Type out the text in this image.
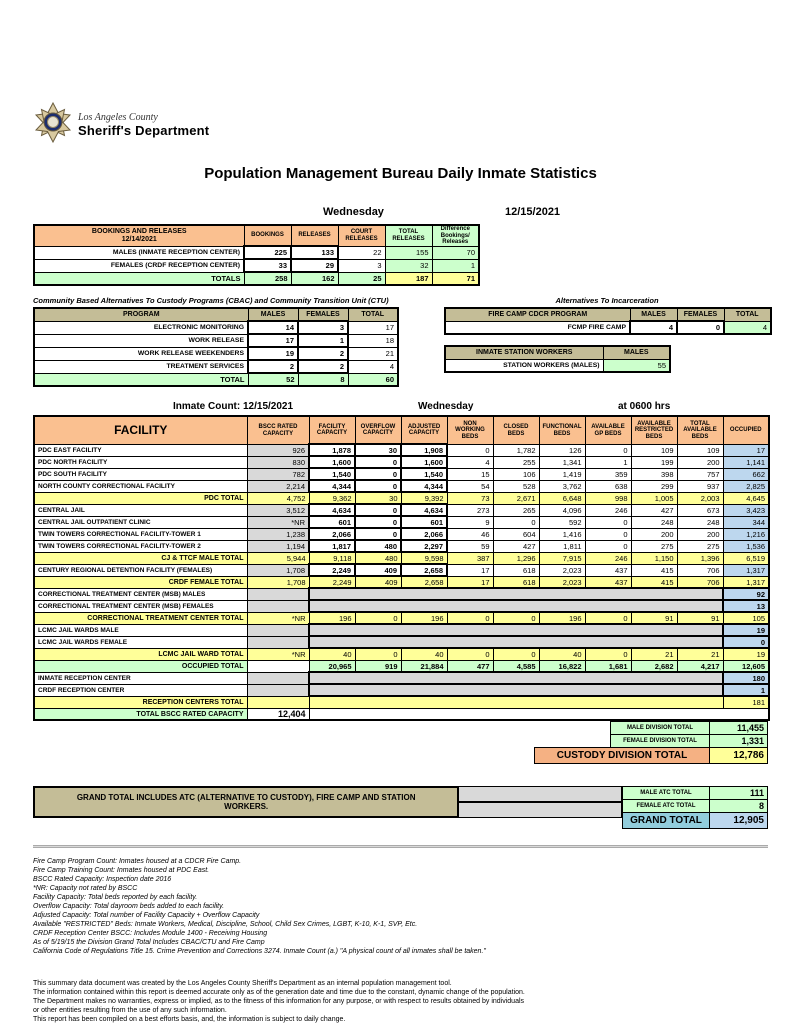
Los Angeles County
Sheriff's Department
Population Management Bureau Daily Inmate Statistics
Wednesday	12/15/2021
BOOKINGS AND RELEASES
12/14/2021	BOOKINGS	RELEASES	COURT RELEASES	TOTAL RELEASES	Difference Bookings/ Releases
MALES (INMATE RECEPTION CENTER)	225	133	22	155	70
FEMALES (CRDF RECEPTION CENTER)	33	29	3	32	1
TOTALS	258	162	25	187	71
Community Based Alternatives To Custody Programs (CBAC) and Community Transition Unit (CTU)
PROGRAM	MALES	FEMALES	TOTAL
ELECTRONIC MONITORING	14	3	17
WORK RELEASE	17	1	18
WORK RELEASE WEEKENDERS	19	2	21
TREATMENT SERVICES	2	2	4
TOTAL	52	8	60
Alternatives To Incarceration
FIRE CAMP CDCR PROGRAM	MALES	FEMALES	TOTAL
FCMP FIRE CAMP	4	0	4
INMATE STATION WORKERS	MALES
STATION WORKERS (MALES)	55
Inmate Count: 12/15/2021	Wednesday	at 0600 hrs
FACILITY	BSCC RATED CAPACITY	FACILITY CAPACITY	OVERFLOW CAPACITY	ADJUSTED CAPACITY	NON WORKING BEDS	CLOSED BEDS	FUNCTIONAL BEDS	AVAILABLE GP BEDS	AVAILABLE RESTRICTED BEDS	TOTAL AVAILABLE BEDS	OCCUPIED
PDC EAST FACILITY	926	1,878	30	1,908	0	1,782	126	0	109	109	17
PDC NORTH FACILITY	830	1,600	0	1,600	4	255	1,341	1	199	200	1,141
PDC SOUTH FACILITY	782	1,540	0	1,540	15	106	1,419	359	398	757	662
NORTH COUNTY CORRECTIONAL FACILITY	2,214	4,344	0	4,344	54	528	3,762	638	299	937	2,825
PDC TOTAL	4,752	9,362	30	9,392	73	2,671	6,648	998	1,005	2,003	4,645
CENTRAL JAIL	3,512	4,634	0	4,634	273	265	4,096	246	427	673	3,423
CENTRAL JAIL OUTPATIENT CLINIC	*NR	601	0	601	9	0	592	0	248	248	344
TWIN TOWERS CORRECTIONAL FACILITY-TOWER 1	1,238	2,066	0	2,066	46	604	1,416	0	200	200	1,216
TWIN TOWERS CORRECTIONAL FACILITY-TOWER 2	1,194	1,817	480	2,297	59	427	1,811	0	275	275	1,536
CJ & TTCF MALE TOTAL	5,944	9,118	480	9,598	387	1,296	7,915	246	1,150	1,396	6,519
CENTURY REGIONAL DETENTION FACILITY (FEMALES)	1,708	2,249	409	2,658	17	618	2,023	437	415	706	1,317
CRDF FEMALE TOTAL	1,708	2,249	409	2,658	17	618	2,023	437	415	706	1,317
CORRECTIONAL TREATMENT CENTER (MSB) MALES											92
CORRECTIONAL TREATMENT CENTER (MSB) FEMALES											13
CORRECTIONAL TREATMENT CENTER TOTAL	*NR	196	0	196	0	0	196	0	91	91	105
LCMC JAIL WARDS MALE											19
LCMC JAIL WARDS FEMALE											0
LCMC JAIL WARD TOTAL	*NR	40	0	40	0	0	40	0	21	21	19
OCCUPIED TOTAL		20,965	919	21,884	477	4,585	16,822	1,681	2,682	4,217	12,605
INMATE RECEPTION CENTER											180
CRDF RECEPTION CENTER											1
RECEPTION CENTERS TOTAL											181
TOTAL BSCC RATED CAPACITY	12,404										
	MALE DIVISION TOTAL	11,455
	FEMALE DIVISION TOTAL	1,331
CUSTODY DIVISION TOTAL		12,786
GRAND TOTAL INCLUDES ATC (ALTERNATIVE TO CUSTODY), FIRE CAMP AND STATION WORKERS.
MALE ATC TOTAL	111
FEMALE ATC TOTAL	8
GRAND TOTAL	12,905
Fire Camp Program Count: Inmates housed at a CDCR Fire Camp.
Fire Camp Training Count: Inmates housed at PDC East.
BSCC Rated Capacity: Inspection date 2016
*NR: Capacity not rated by BSCC
Facility Capacity: Total beds reported by each facility.
Overflow Capacity: Total dayroom beds added to each facility.
Adjusted Capacity: Total number of Facility Capacity + Overflow Capacity
Available "RESTRICTED" Beds: Inmate Workers, Medical, Discipline, School, Child Sex Crimes, LGBT, K-10, K-1, SVP, Etc.
CRDF Reception Center BSCC: Includes Module 1400 - Receiving Housing
As of 5/19/15 the Division Grand Total Includes CBAC/CTU and Fire Camp
California Code of Regulations Title 15. Crime Prevention and Corrections 3274. Inmate Count (a.) "A physical count of all inmates shall be taken."
This summary data document was created by the Los Angeles County Sheriff's Department as an internal population management tool.
The information contained within this report is deemed accurate only as of the generation date and time due to the constant, dynamic change of the population.
The Department makes no warranties, express or implied, as to the fitness of this information for any purpose, or with respect to results obtained by individuals
or other entities resulting from the use of any such information.
This report has been compiled on a best efforts basis, and, the information is subject to daily change.
